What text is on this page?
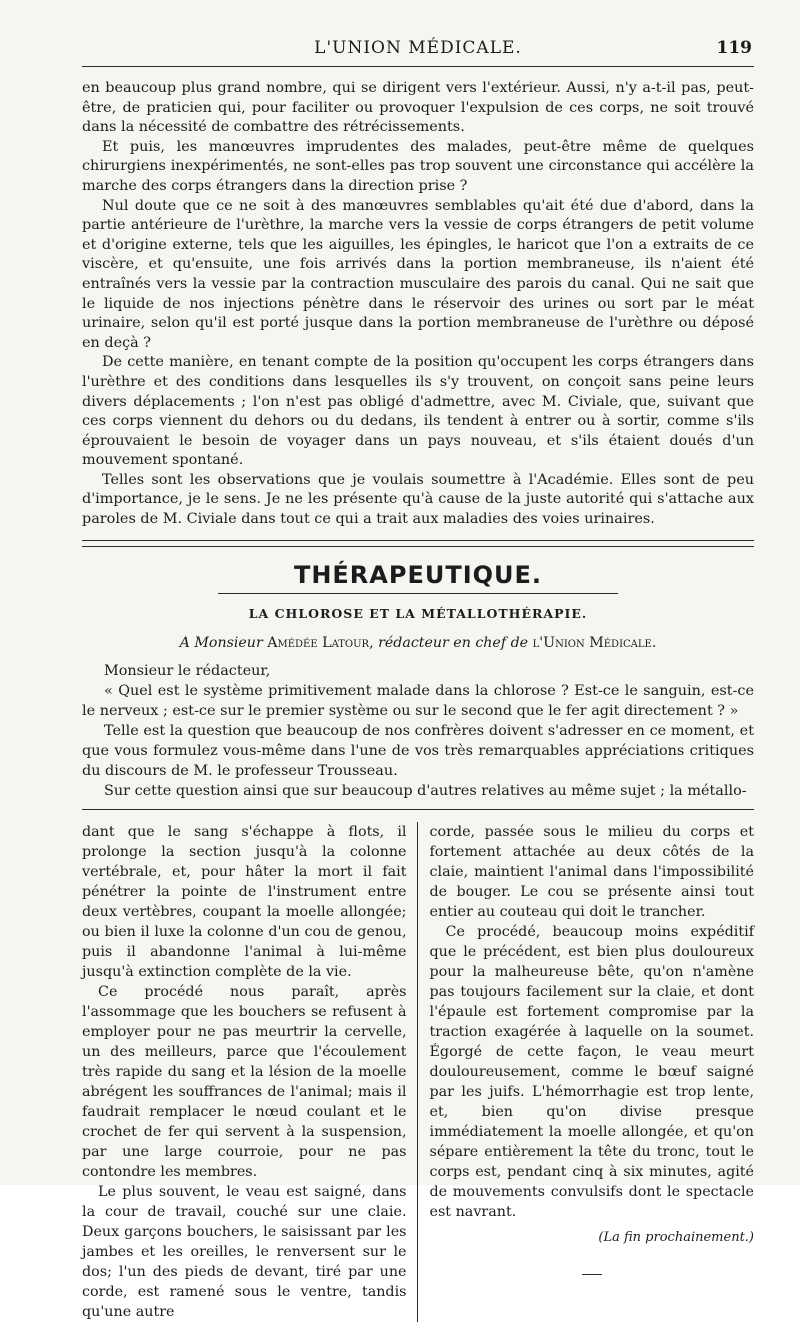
L'UNION MÉDICALE.	119

en beaucoup plus grand nombre, qui se dirigent vers l'extérieur. Aussi, n'y a-t-il pas, peut-être, de praticien qui, pour faciliter ou provoquer l'expulsion de ces corps, ne soit trouvé dans la nécessité de combattre des rétrécissements.

Et puis, les manœuvres imprudentes des malades, peut-être même de quelques chirurgiens inexpérimentés, ne sont-elles pas trop souvent une circonstance qui accélère la marche des corps étrangers dans la direction prise ?

Nul doute que ce ne soit à des manœuvres semblables qu'ait été due d'abord, dans la partie antérieure de l'urèthre, la marche vers la vessie de corps étrangers de petit volume et d'origine externe, tels que les aiguilles, les épingles, le haricot que l'on a extraits de ce viscère, et qu'ensuite, une fois arrivés dans la portion membraneuse, ils n'aient été entraînés vers la vessie par la contraction musculaire des parois du canal. Qui ne sait que le liquide de nos injections pénètre dans le réservoir des urines ou sort par le méat urinaire, selon qu'il est porté jusque dans la portion membraneuse de l'urèthre ou déposé en deçà ?

De cette manière, en tenant compte de la position qu'occupent les corps étrangers dans l'urèthre et des conditions dans lesquelles ils s'y trouvent, on conçoit sans peine leurs divers déplacements ; l'on n'est pas obligé d'admettre, avec M. Civiale, que, suivant que ces corps viennent du dehors ou du dedans, ils tendent à entrer ou à sortir, comme s'ils éprouvaient le besoin de voyager dans un pays nouveau, et s'ils étaient doués d'un mouvement spontané.

Telles sont les observations que je voulais soumettre à l'Académie. Elles sont de peu d'importance, je le sens. Je ne les présente qu'à cause de la juste autorité qui s'attache aux paroles de M. Civiale dans tout ce qui a trait aux maladies des voies urinaires.

THÉRAPEUTIQUE.
LA CHLOROSE ET LA MÉTALLOTHÉRAPIE.
A Monsieur Amédée Latour, rédacteur en chef de l'Union Médicale.

Monsieur le rédacteur,

« Quel est le système primitivement malade dans la chlorose ? Est-ce le sanguin, est-ce le nerveux ; est-ce sur le premier système ou sur le second que le fer agit directement ? »

Telle est la question que beaucoup de nos confrères doivent s'adresser en ce moment, et que vous formulez vous-même dans l'une de vos très remarquables appréciations critiques du discours de M. le professeur Trousseau.

Sur cette question ainsi que sur beaucoup d'autres relatives au même sujet ; la métallo-

dant que le sang s'échappe à flots, il prolonge la section jusqu'à la colonne vertébrale, et, pour hâter la mort il fait pénétrer la pointe de l'instrument entre deux vertèbres, coupant la moelle allongée; ou bien il luxe la colonne d'un cou de genou, puis il abandonne l'animal à lui-même jusqu'à extinction complète de la vie.

Ce procédé nous paraît, après l'assommage que les bouchers se refusent à employer pour ne pas meurtrir la cervelle, un des meilleurs, parce que l'écoulement très rapide du sang et la lésion de la moelle abrégent les souffrances de l'animal; mais il faudrait remplacer le nœud coulant et le crochet de fer qui servent à la suspension, par une large courroie, pour ne pas contondre les membres.

Le plus souvent, le veau est saigné, dans la cour de travail, couché sur une claie. Deux garçons bouchers, le saisissant par les jambes et les oreilles, le renversent sur le dos; l'un des pieds de devant, tiré par une corde, est ramené sous le ventre, tandis qu'une autre

corde, passée sous le milieu du corps et fortement attachée au deux côtés de la claie, maintient l'animal dans l'impossibilité de bouger. Le cou se présente ainsi tout entier au couteau qui doit le trancher.

Ce procédé, beaucoup moins expéditif que le précédent, est bien plus douloureux pour la malheureuse bête, qu'on n'amène pas toujours facilement sur la claie, et dont l'épaule est fortement compromise par la traction exagérée à laquelle on la soumet. Égorgé de cette façon, le veau meurt douloureusement, comme le bœuf saigné par les juifs. L'hémorrhagie est trop lente, et, bien qu'on divise presque immédiatement la moelle allongée, et qu'on sépare entièrement la tête du tronc, tout le corps est, pendant cinq à six minutes, agité de mouvements convulsifs dont le spectacle est navrant.

(La fin prochainement.)
